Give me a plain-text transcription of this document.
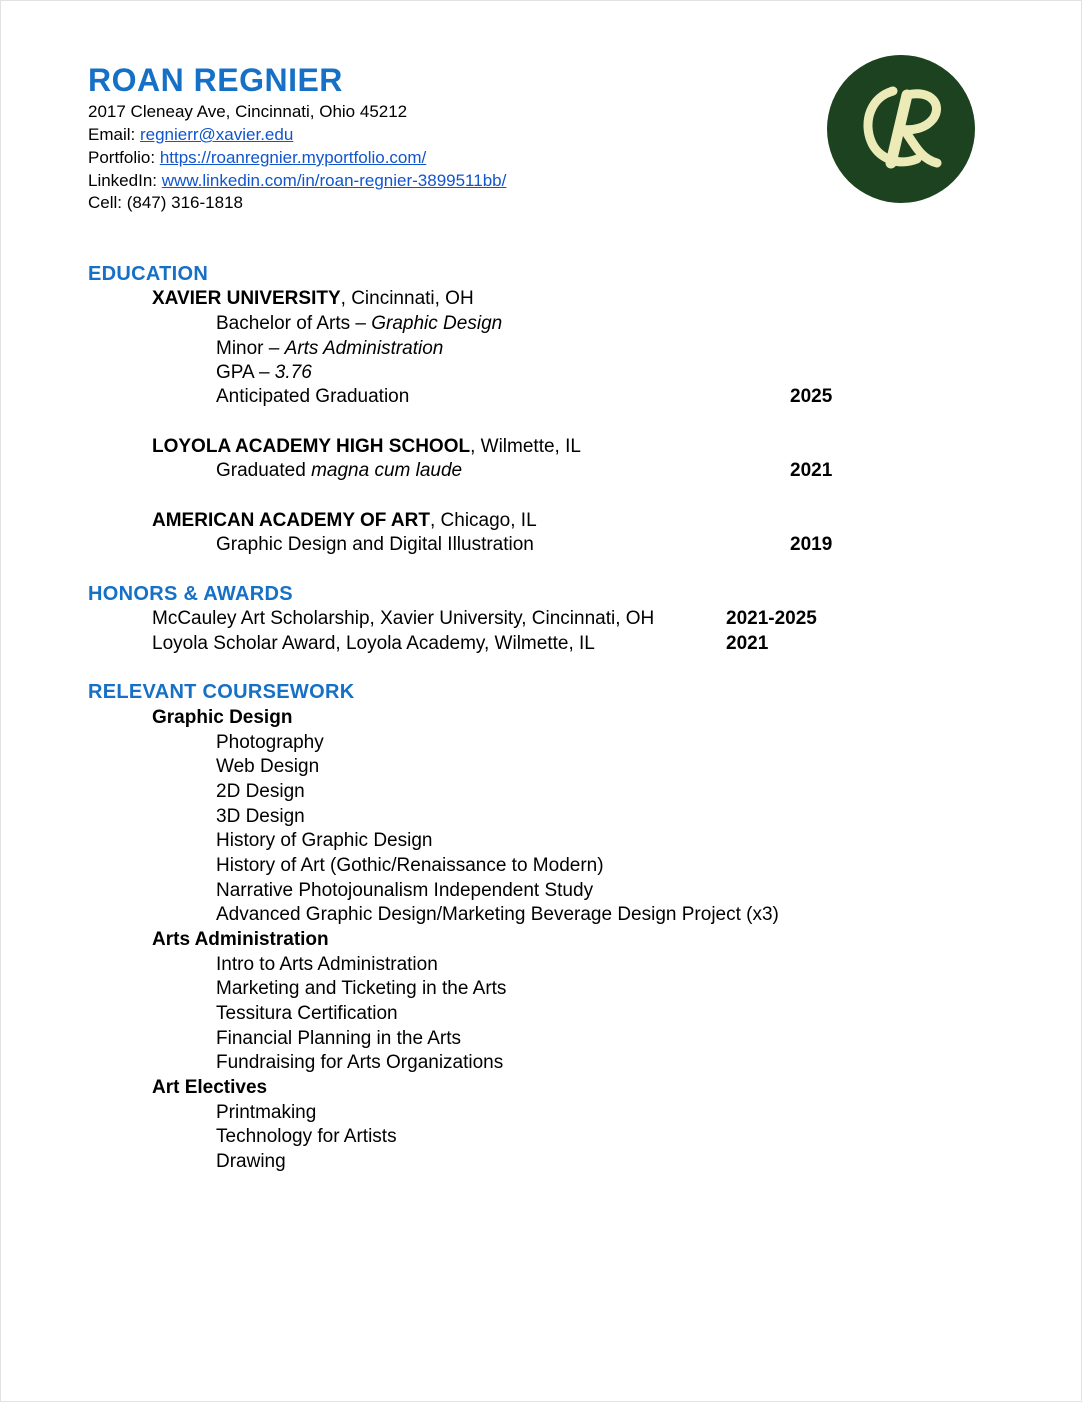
ROAN REGNIER
2017 Cleneay Ave, Cincinnati, Ohio 45212
Email: regnierr@xavier.edu
Portfolio: https://roanregnier.myportfolio.com/
LinkedIn: www.linkedin.com/in/roan-regnier-3899511bb/
Cell: (847) 316-1818
EDUCATION
XAVIER UNIVERSITY, Cincinnati, OH
Bachelor of Arts – Graphic Design
Minor – Arts Administration
GPA – 3.76
Anticipated Graduation	2025
LOYOLA ACADEMY HIGH SCHOOL, Wilmette, IL
Graduated magna cum laude	2021
AMERICAN ACADEMY OF ART, Chicago, IL
Graphic Design and Digital Illustration	2019
HONORS & AWARDS
McCauley Art Scholarship, Xavier University, Cincinnati, OH	2021-2025
Loyola Scholar Award, Loyola Academy, Wilmette, IL	2021
RELEVANT COURSEWORK
Graphic Design
Photography
Web Design
2D Design
3D Design
History of Graphic Design
History of Art (Gothic/Renaissance to Modern)
Narrative Photojounalism Independent Study
Advanced Graphic Design/Marketing Beverage Design Project (x3)
Arts Administration
Intro to Arts Administration
Marketing and Ticketing in the Arts
Tessitura Certification
Financial Planning in the Arts
Fundraising for Arts Organizations
Art Electives
Printmaking
Technology for Artists
Drawing
